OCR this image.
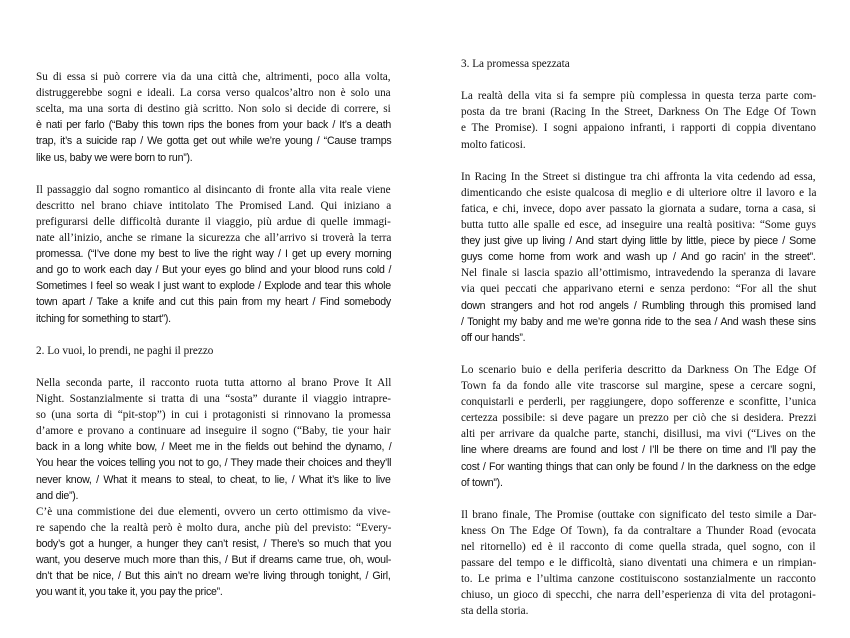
Su di essa si può correre via da una città che, altrimenti, poco alla volta,
distruggerebbe sogni e ideali. La corsa verso qualcos’altro non è solo una
scelta, ma una sorta di destino già scritto. Non solo si decide di correre, si
è nati per farlo (“Baby this town rips the bones from your back / It’s a death
trap, it’s a suicide rap / We gotta get out while we’re young / “Cause tramps
like us, baby we were born to run”).
Il passaggio dal sogno romantico al disincanto di fronte alla vita reale viene
descritto nel brano chiave intitolato The Promised Land. Qui iniziano a
prefigurarsi delle difficoltà durante il viaggio, più ardue di quelle immagi-
nate all’inizio, anche se rimane la sicurezza che all’arrivo si troverà la terra
promessa. (“I’ve done my best to live the right way / I get up every morning
and go to work each day / But your eyes go blind and your blood runs cold /
Sometimes I feel so weak I just want to explode / Explode and tear this whole
town apart / Take a knife and cut this pain from my heart / Find somebody
itching for something to start”).
2. Lo vuoi, lo prendi, ne paghi il prezzo
Nella seconda parte, il racconto ruota tutta attorno al brano Prove It All
Night. Sostanzialmente si tratta di una “sosta” durante il viaggio intrapre-
so (una sorta di “pit-stop”) in cui i protagonisti si rinnovano la promessa
d’amore e provano a continuare ad inseguire il sogno (“Baby, tie your hair
back in a long white bow, / Meet me in the fields out behind the dynamo, /
You hear the voices telling you not to go, / They made their choices and they’ll
never know, / What it means to steal, to cheat, to lie, / What it’s like to live
and die”).
C’è una commistione dei due elementi, ovvero un certo ottimismo da vive-
re sapendo che la realtà però è molto dura, anche più del previsto: “Every-
body’s got a hunger, a hunger they can’t resist, / There’s so much that you
want, you deserve much more than this, / But if dreams came true, oh, woul-
dn’t that be nice, / But this ain’t no dream we’re living through tonight, / Girl,
you want it, you take it, you pay the price”.
3. La promessa spezzata
La realtà della vita si fa sempre più complessa in questa terza parte com-
posta da tre brani (Racing In the Street, Darkness On The Edge Of Town
e The Promise). I sogni appaiono infranti, i rapporti di coppia diventano
molto faticosi.
In Racing In the Street si distingue tra chi affronta la vita cedendo ad essa,
dimenticando che esiste qualcosa di meglio e di ulteriore oltre il lavoro e la
fatica, e chi, invece, dopo aver passato la giornata a sudare, torna a casa, si
butta tutto alle spalle ed esce, ad inseguire una realtà positiva: “Some guys
they just give up living / And start dying little by little, piece by piece / Some
guys come home from work and wash up / And go racin’ in the street”.
Nel finale si lascia spazio all’ottimismo, intravedendo la speranza di lavare
via quei peccati che apparivano eterni e senza perdono: “For all the shut
down strangers and hot rod angels / Rumbling through this promised land
/ Tonight my baby and me we’re gonna ride to the sea / And wash these sins
off our hands”.
Lo scenario buio e della periferia descritto da Darkness On The Edge Of
Town fa da fondo alle vite trascorse sul margine, spese a cercare sogni,
conquistarli e perderli, per raggiungere, dopo sofferenze e sconfitte, l’unica
certezza possibile: si deve pagare un prezzo per ciò che si desidera. Prezzi
alti per arrivare da qualche parte, stanchi, disillusi, ma vivi (“Lives on the
line where dreams are found and lost / I’ll be there on time and I’ll pay the
cost / For wanting things that can only be found / In the darkness on the edge
of town”).
Il brano finale, The Promise (outtake con significato del testo simile a Dar-
kness On The Edge Of Town), fa da contraltare a Thunder Road (evocata
nel ritornello) ed è il racconto di come quella strada, quel sogno, con il
passare del tempo e le difficoltà, siano diventati una chimera e un rimpian-
to. Le prima e l’ultima canzone costituiscono sostanzialmente un racconto
chiuso, un gioco di specchi, che narra dell’esperienza di vita del protagoni-
sta della storia.
